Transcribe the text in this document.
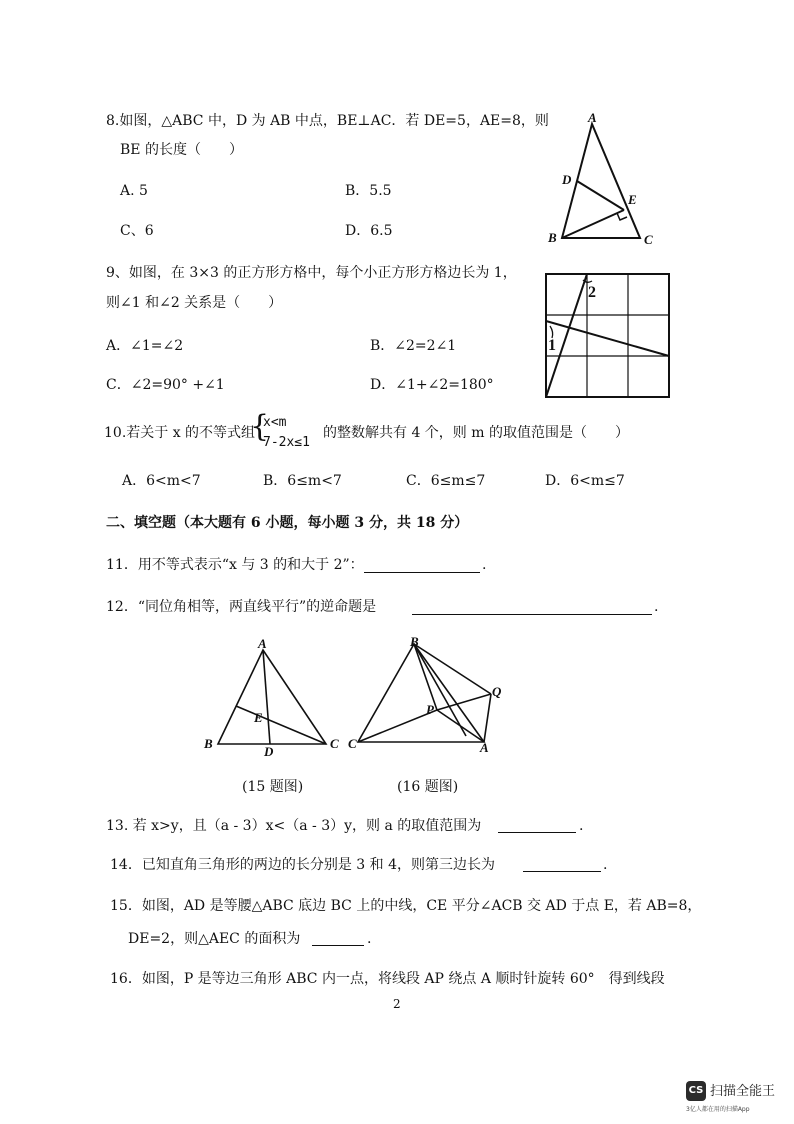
8.如图，△ABC 中，D 为 AB 中点，BE⊥AC．若 DE=5，AE=8，则
BE 的长度（　　）
A. 5	B．5.5
C、6	D．6.5
A
D
E
B	C
9、如图，在 3×3 的正方形方格中，每个小正方形方格边长为 1，
则∠1 和∠2 关系是（　　）
A．∠1=∠2	B．∠2=2∠1
C．∠2=90° +∠1	D．∠1+∠2=180°
1
2
10.若关于 x 的不等式组
{
x<m
7-2x≤1
的整数解共有 4 个，则 m 的取值范围是（　　）
A．6<m<7	B．6≤m<7	C．6≤m≤7	D．6<m≤7
二、填空题（本大题有 6 小题，每小题 3 分，共 18 分）
11．用不等式表示“x 与 3 的和大于 2”：	.
12．“同位角相等，两直线平行”的逆命题是	.
A
E
B
D
C
B
Q
P
C	A
(15 题图)	(16 题图)
13. 若 x>y，且（a - 3）x<（a - 3）y，则 a 的取值范围为	.
14．已知直角三角形的两边的长分别是 3 和 4，则第三边长为	.
15．如图，AD 是等腰△ABC 底边 BC 上的中线，CE 平分∠ACB 交 AD 于点 E，若 AB=8，
DE=2，则△AEC 的面积为	.
16．如图，P 是等边三角形 ABC 内一点，将线段 AP 绕点 A 顺时针旋转 60°　得到线段
2
CS 扫描全能王
3亿人都在用的扫描App
